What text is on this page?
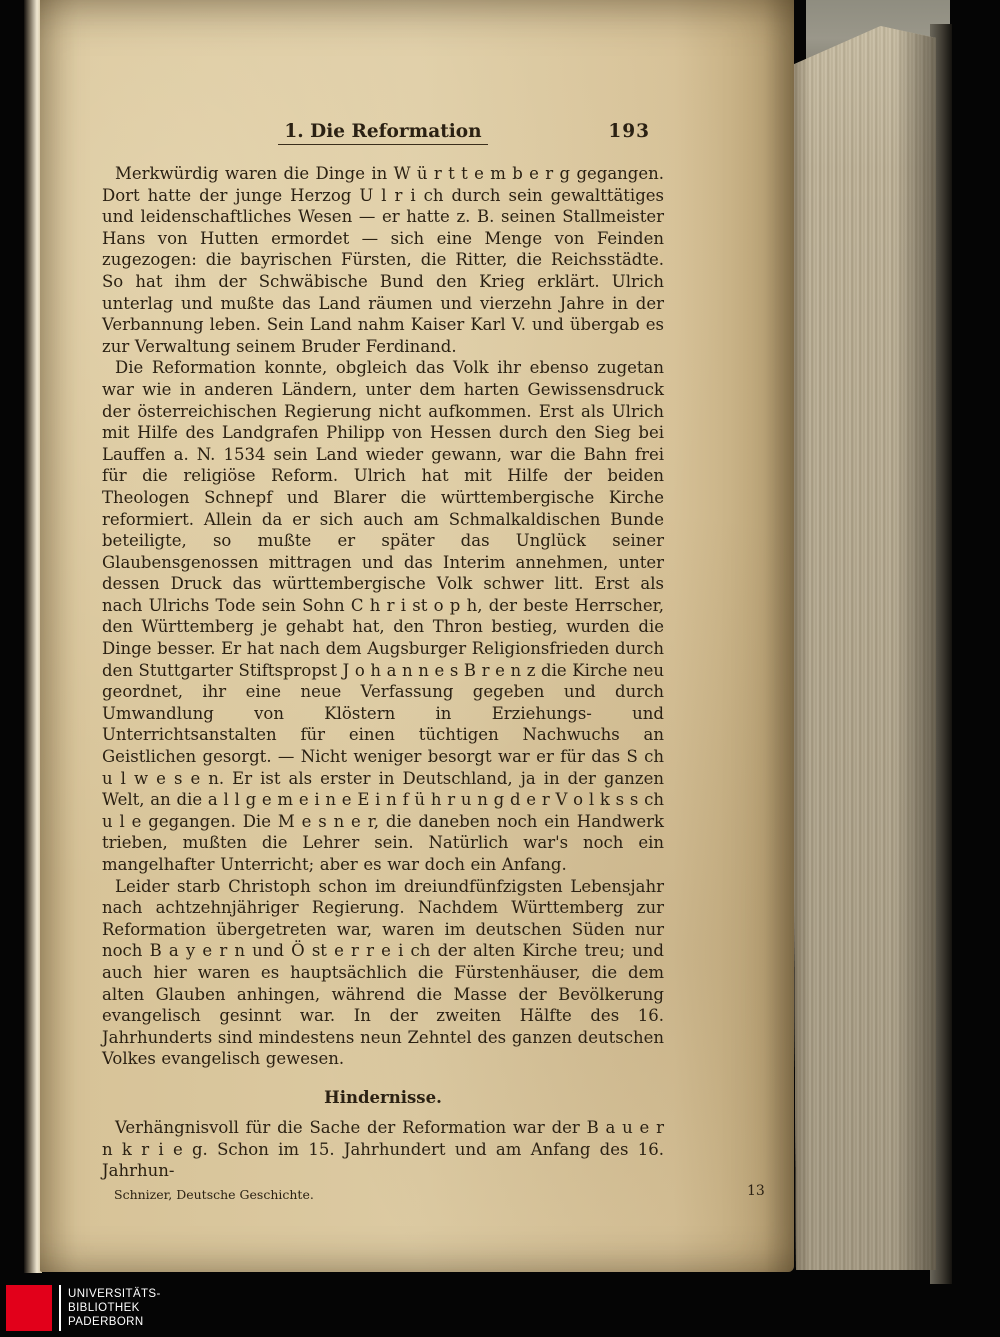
1. Die Reformation	193

Merkwürdig waren die Dinge in W ü r t t e m b e r g gegangen. Dort hatte der junge Herzog U l r i ch durch sein gewalttätiges und leidenschaftliches Wesen — er hatte z. B. seinen Stallmeister Hans von Hutten ermordet — sich eine Menge von Feinden zugezogen: die bayrischen Fürsten, die Ritter, die Reichsstädte. So hat ihm der Schwäbische Bund den Krieg erklärt. Ulrich unterlag und mußte das Land räumen und vierzehn Jahre in der Verbannung leben. Sein Land nahm Kaiser Karl V. und übergab es zur Verwaltung seinem Bruder Ferdinand.

Die Reformation konnte, obgleich das Volk ihr ebenso zugetan war wie in anderen Ländern, unter dem harten Gewissensdruck der österreichischen Regierung nicht aufkommen. Erst als Ulrich mit Hilfe des Landgrafen Philipp von Hessen durch den Sieg bei Lauffen a. N. 1534 sein Land wieder gewann, war die Bahn frei für die religiöse Reform. Ulrich hat mit Hilfe der beiden Theologen Schnepf und Blarer die württembergische Kirche reformiert. Allein da er sich auch am Schmalkaldischen Bunde beteiligte, so mußte er später das Unglück seiner Glaubensgenossen mittragen und das Interim annehmen, unter dessen Druck das württembergische Volk schwer litt. Erst als nach Ulrichs Tode sein Sohn C h r i st o p h, der beste Herrscher, den Württemberg je gehabt hat, den Thron bestieg, wurden die Dinge besser. Er hat nach dem Augsburger Religionsfrieden durch den Stuttgarter Stiftspropst J o h a n n e s B r e n z die Kirche neu geordnet, ihr eine neue Verfassung gegeben und durch Umwandlung von Klöstern in Erziehungs- und Unterrichtsanstalten für einen tüchtigen Nachwuchs an Geistlichen gesorgt. — Nicht weniger besorgt war er für das S ch u l w e s e n. Er ist als erster in Deutschland, ja in der ganzen Welt, an die a l l g e m e i n e E i n f ü h r u n g d e r V o l k s s ch u l e gegangen. Die M e s n e r, die daneben noch ein Handwerk trieben, mußten die Lehrer sein. Natürlich war's noch ein mangelhafter Unterricht; aber es war doch ein Anfang.

Leider starb Christoph schon im dreiundfünfzigsten Lebensjahr nach achtzehnjähriger Regierung. Nachdem Württemberg zur Reformation übergetreten war, waren im deutschen Süden nur noch B a y e r n und Ö st e r r e i ch der alten Kirche treu; und auch hier waren es hauptsächlich die Fürstenhäuser, die dem alten Glauben anhingen, während die Masse der Bevölkerung evangelisch gesinnt war. In der zweiten Hälfte des 16. Jahrhunderts sind mindestens neun Zehntel des ganzen deutschen Volkes evangelisch gewesen.

Hindernisse.

Verhängnisvoll für die Sache der Reformation war der B a u e r n k r i e g. Schon im 15. Jahrhundert und am Anfang des 16. Jahrhun-

Schnizer, Deutsche Geschichte.	13
UNIVERSITÄTS-
BIBLIOTHEK
PADERBORN
